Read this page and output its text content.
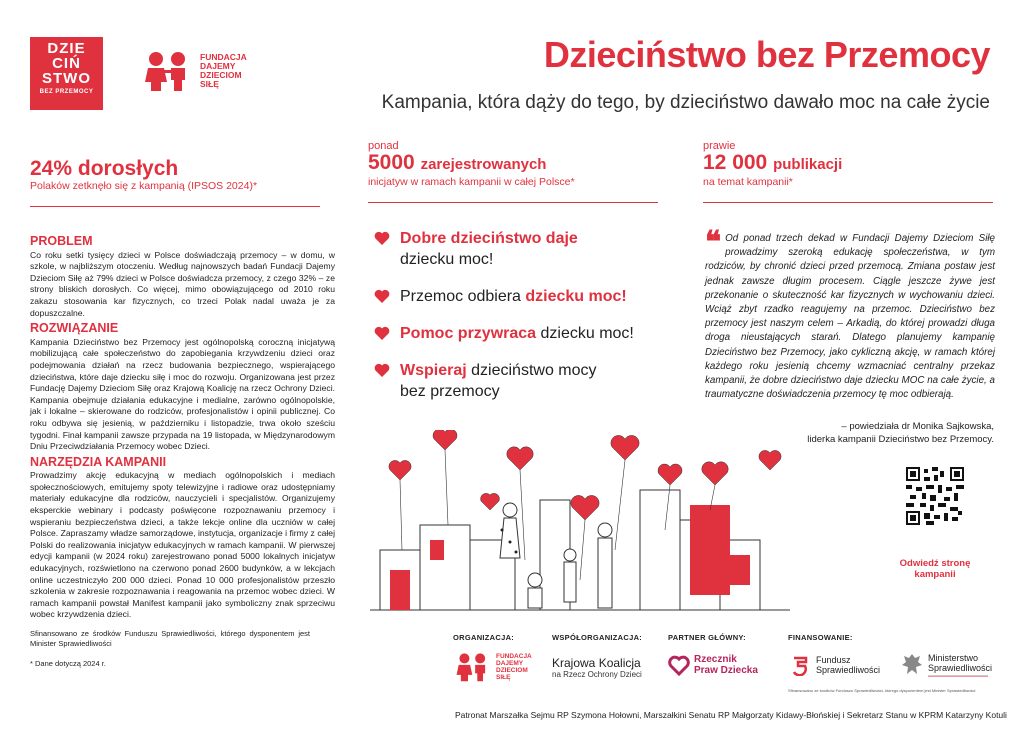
DZIE
CIŃ
STWO
BEZ PRZEMOCY
FUNDACJA
DAJEMY
DZIECIOM
SIŁĘ
Dzieciństwo bez Przemocy
Kampania, która dąży do tego, by dzieciństwo dawało moc na całe życie
24% dorosłych
Polaków zetknęło się z kampanią (IPSOS 2024)*
ponad
5000 zarejestrowanych
inicjatyw w ramach kampanii w całej Polsce*
prawie
12 000 publikacji
na temat kampanii*
PROBLEM

Co roku setki tysięcy dzieci w Polsce doświadczają przemocy – w domu, w szkole, w najbliższym otoczeniu. Według najnowszych badań Fundacji Dajemy Dzieciom Siłę aż 79% dzieci w Polsce doświadcza przemocy, z czego 32% – ze strony bliskich dorosłych. Co więcej, mimo obowiązującego od 2010 roku zakazu stosowania kar fizycznych, co trzeci Polak nadal uważa je za dopuszczalne.

ROZWIĄZANIE

Kampania Dzieciństwo bez Przemocy jest ogólnopolską coroczną inicjatywą mobilizującą całe społeczeństwo do zapobiegania krzywdzeniu dzieci oraz podejmowania działań na rzecz budowania bezpiecznego, wspierającego dzieciństwa, które daje dziecku siłę i moc do rozwoju. Organizowana jest przez Fundację Dajemy Dzieciom Siłę oraz Krajową Koalicję na rzecz Ochrony Dzieci. Kampania obejmuje działania edukacyjne i medialne, zarówno ogólnopolskie, jak i lokalne – skierowane do rodziców, profesjonalistów i opinii publicznej. Co roku odbywa się jesienią, w październiku i listopadzie, trwa około sześciu tygodni. Finał kampanii zawsze przypada na 19 listopada, w Międzynarodowym Dniu Przeciwdziałania Przemocy wobec Dzieci.

NARZĘDZIA KAMPANII

Prowadzimy akcję edukacyjną w mediach ogólnopolskich i mediach społecznościowych, emitujemy spoty telewizyjne i radiowe oraz udostępniamy materiały edukacyjne dla rodziców, nauczycieli i specjalistów. Organizujemy eksperckie webinary i podcasty poświęcone rozpoznawaniu przemocy i wspieraniu bezpieczeństwa dzieci, a także lekcje online dla uczniów w całej Polsce. Zapraszamy władze samorządowe, instytucja, organizacje i firmy z całej Polski do realizowania inicjatyw edukacyjnych w ramach kampanii. W pierwszej edycji kampanii (w 2024 roku) zarejestrowano ponad 5000 lokalnych inicjatyw edukacyjnych, rozświetlono na czerwono ponad 2600 budynków, a w lekcjach online uczestniczyło 200 000 dzieci. Ponad 10 000 profesjonalistów przeszło szkolenia w zakresie rozpoznawania i reagowania na przemoc wobec dzieci. W ramach kampanii powstał Manifest kampanii jako symboliczny znak sprzeciwu wobec krzywdzenia dzieci.

Sfinansowano ze środków Funduszu Sprawiedliwości, którego dysponentem jest Minister Sprawiedliwości
* Dane dotyczą 2024 r.
Dobre dzieciństwo daje
dziecku moc!
Przemoc odbiera dziecku moc!
Pomoc przywraca dziecku moc!
Wspieraj dzieciństwo mocy bez przemocy
❝ Od ponad trzech dekad w Fundacji Dajemy Dzieciom Siłę prowadzimy szeroką edukację społeczeństwa, w tym rodziców, by chronić dzieci przed przemocą. Zmiana postaw jest jednak zawsze długim procesem. Ciągle jeszcze żywe jest przekonanie o skuteczność kar fizycznych w wychowaniu dzieci. Wciąż zbyt rzadko reagujemy na przemoc. Dzieciństwo bez przemocy jest naszym celem – Arkadią, do której prowadzi długa droga nieustających starań. Dlatego planujemy kampanię Dzieciństwo bez Przemocy, jako cykliczną akcję, w ramach której każdego roku jesienią chcemy wzmacniać centralny przekaz kampanii, że dobre dzieciństwo daje dziecku MOC na całe życie, a traumatyczne doświadczenia przemocy tę moc odbierają.
– powiedziała dr Monika Sajkowska,
liderka kampanii Dzieciństwo bez Przemocy.
Odwiedź stronę kampanii
ORGANIZACJA:
FUNDACJA
DAJEMY
DZIECIOM
SIŁĘ
WSPÓŁORGANIZACJA:
Krajowa Koalicja
na Rzecz Ochrony Dzieci
PARTNER GŁÓWNY:
Rzecznik
Praw Dziecka
FINANSOWANIE:
Fundusz
Sprawiedliwości
Ministerstwo
Sprawiedliwości
Sfinansowano ze środków Funduszu Sprawiedliwości, którego dysponentem jest Minister Sprawiedliwości
Patronat Marszałka Sejmu RP Szymona Hołowni, Marszałkini Senatu RP Małgorzaty Kidawy-Błońskiej i Sekretarz Stanu w KPRM Katarzyny Kotuli
